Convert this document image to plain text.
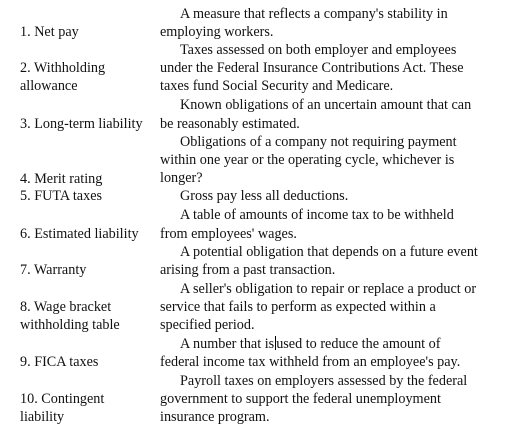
A measure that reflects a company's stability in
employing workers.
1. Net pay
Taxes assessed on both employer and employees
under the Federal Insurance Contributions Act. These
taxes fund Social Security and Medicare.
2. Withholding
allowance
Known obligations of an uncertain amount that can
be reasonably estimated.
3. Long-term liability
Obligations of a company not requiring payment
within one year or the operating cycle, whichever is
longer?
4. Merit rating
Gross pay less all deductions.
5. FUTA taxes
A table of amounts of income tax to be withheld
from employees' wages.
6. Estimated liability
A potential obligation that depends on a future event
arising from a past transaction.
7. Warranty
A seller's obligation to repair or replace a product or
service that fails to perform as expected within a
specified period.
8. Wage bracket
withholding table
A number that is used to reduce the amount of
federal income tax withheld from an employee's pay.
9. FICA taxes
Payroll taxes on employers assessed by the federal
government to support the federal unemployment
insurance program.
10. Contingent
liability
